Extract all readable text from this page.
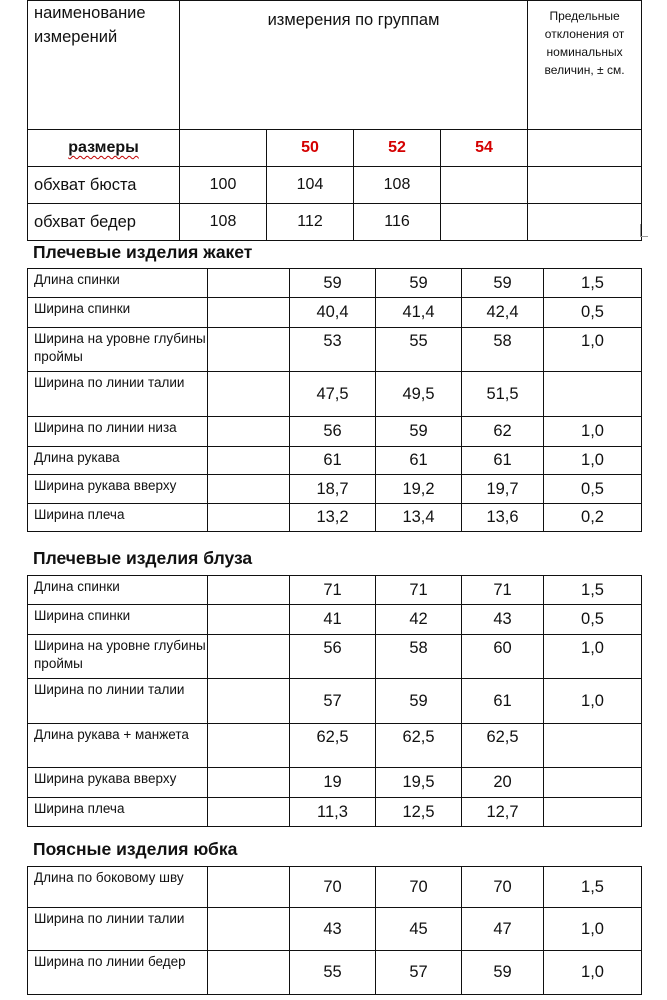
наименование измерений	измерения по группам				Предельные отклонения от номинальных величин, ± см.
размеры		50	52	54	
обхват бюста	100	104	108		
обхват бедер	108	112	116		
Плечевые изделия жакет
Длина спинки		59	59	59	1,5
Ширина спинки		40,4	41,4	42,4	0,5
Ширина на уровне глубины проймы		53	55	58	1,0
Ширина по линии талии		47,5	49,5	51,5	
Ширина по линии низа		56	59	62	1,0
Длина рукава		61	61	61	1,0
Ширина рукава вверху		18,7	19,2	19,7	0,5
Ширина плеча		13,2	13,4	13,6	0,2
Плечевые изделия блуза
Длина спинки		71	71	71	1,5
Ширина спинки		41	42	43	0,5
Ширина на уровне глубины проймы		56	58	60	1,0
Ширина по линии талии		57	59	61	1,0
Длина рукава + манжета		62,5	62,5	62,5	
Ширина рукава вверху		19	19,5	20	
Ширина плеча		11,3	12,5	12,7	
Поясные изделия юбка
Длина по боковому шву		70	70	70	1,5
Ширина по линии талии		43	45	47	1,0
Ширина по линии бедер		55	57	59	1,0
